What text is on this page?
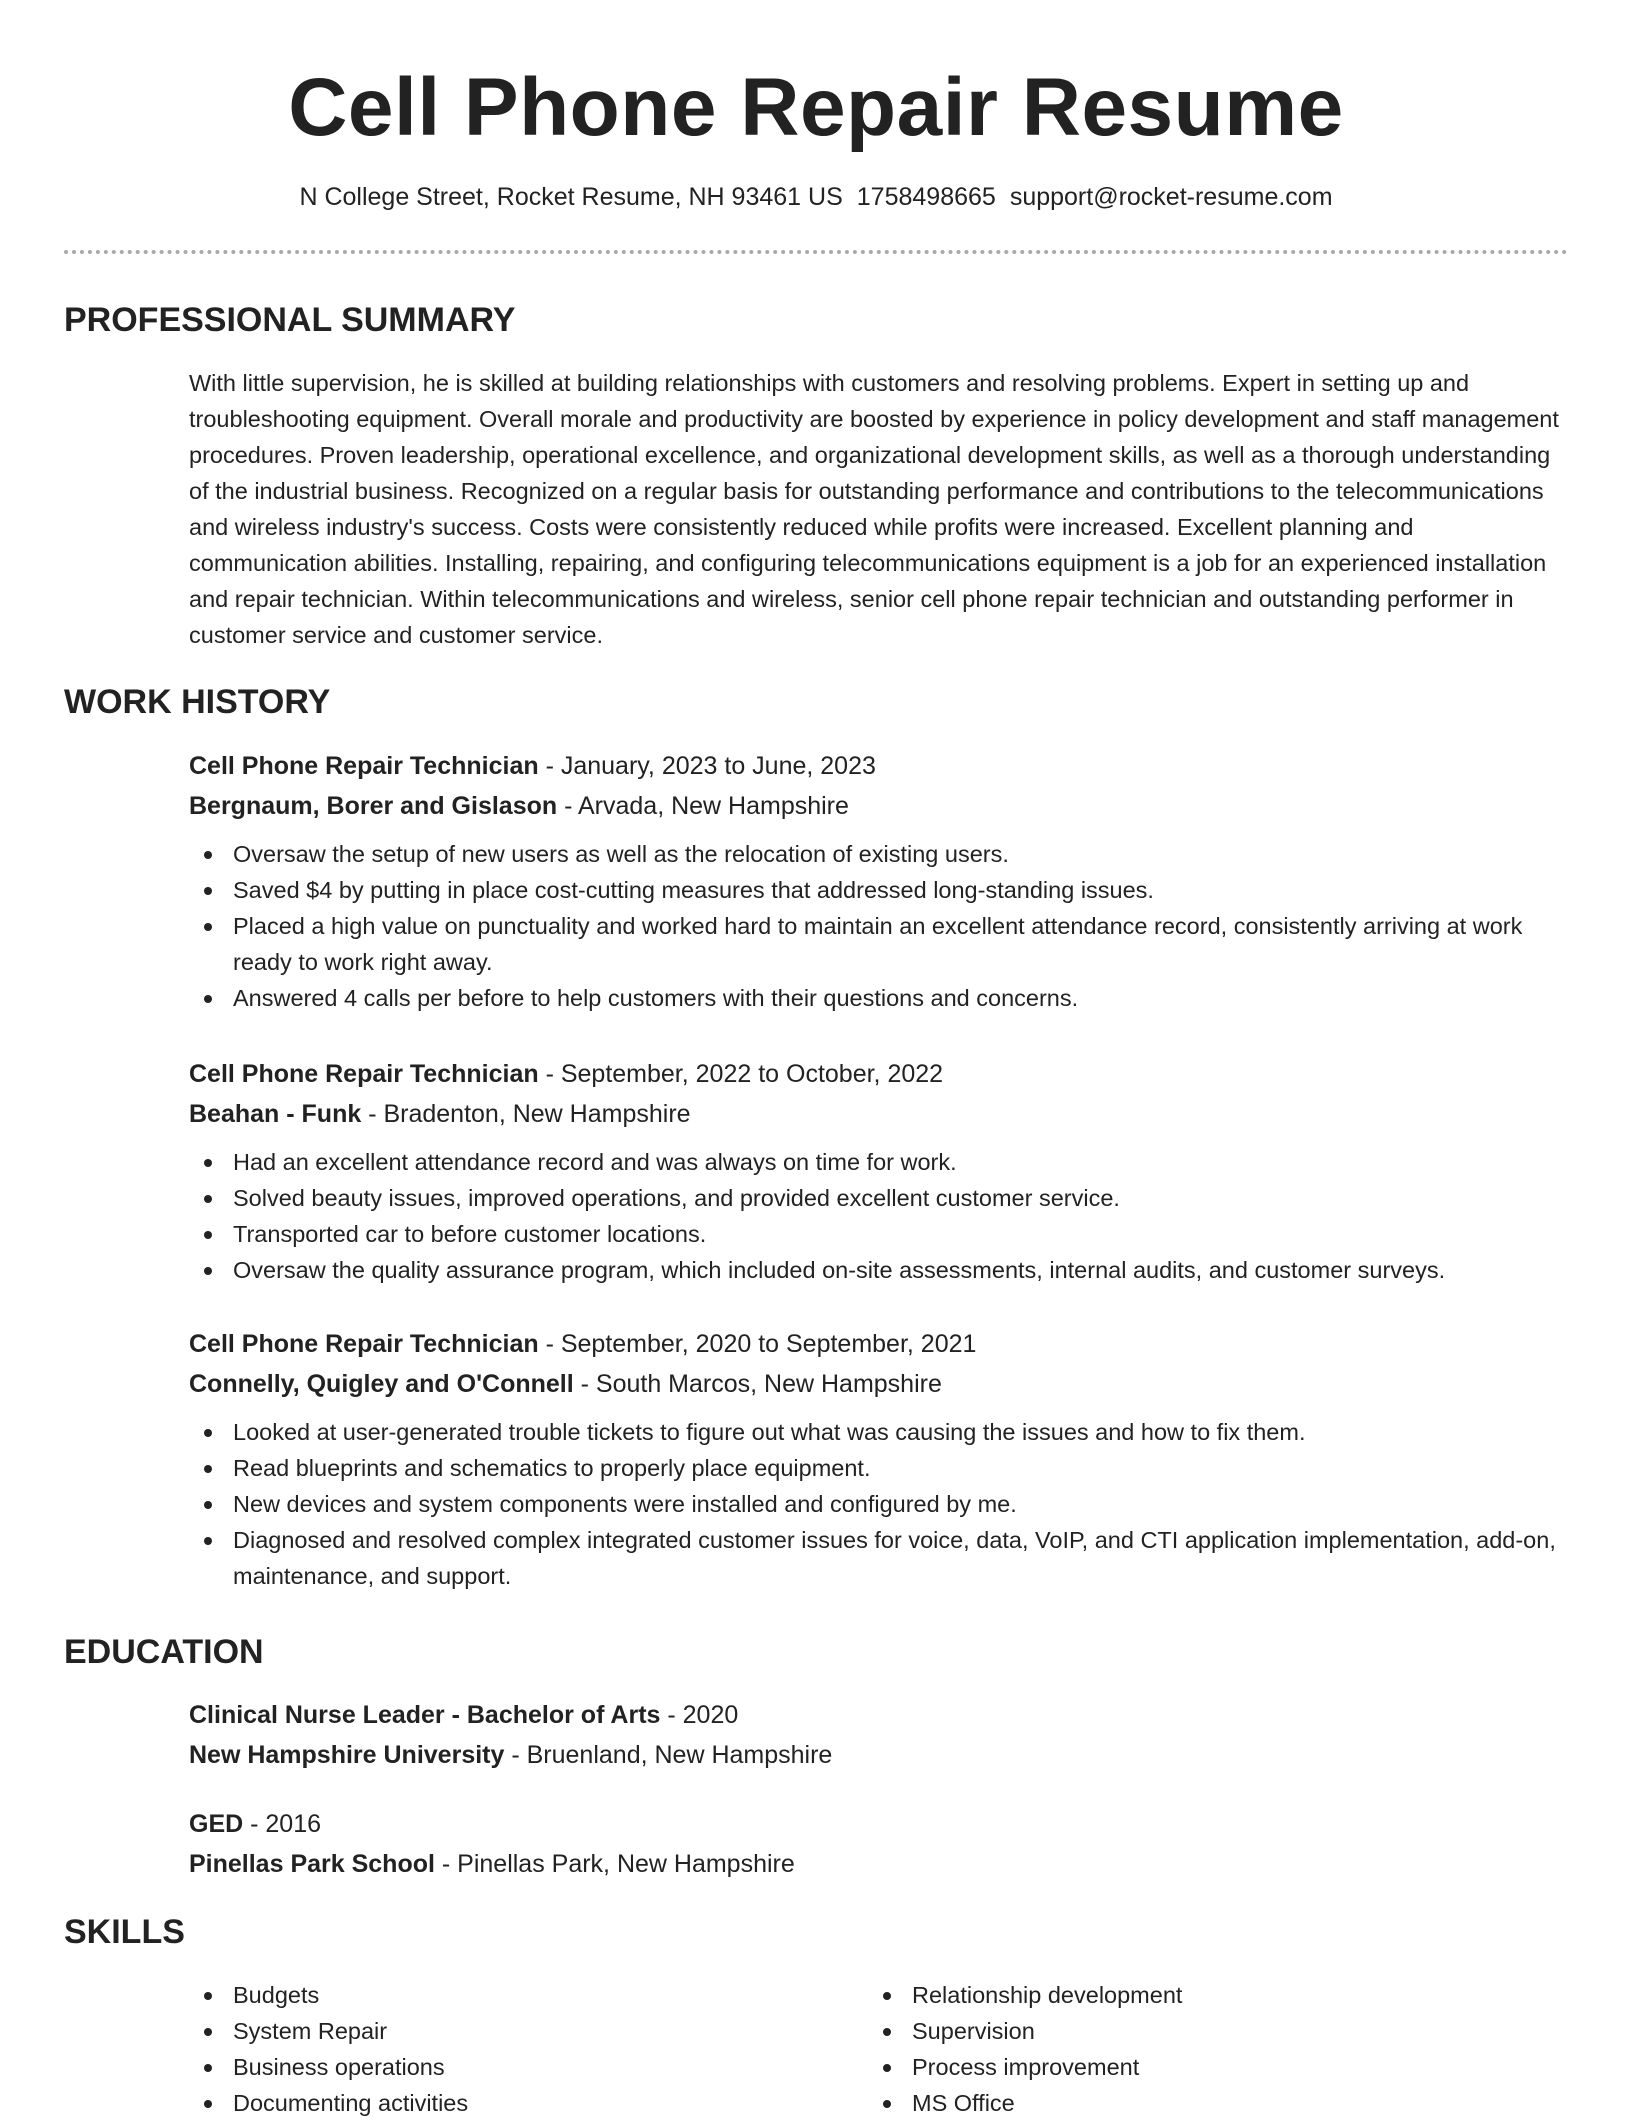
Cell Phone Repair Resume
N College Street, Rocket Resume, NH 93461 US 1758498665 support@rocket-resume.com
PROFESSIONAL SUMMARY

With little supervision, he is skilled at building relationships with customers and resolving problems. Expert in setting up and troubleshooting equipment. Overall morale and productivity are boosted by experience in policy development and staff management procedures. Proven leadership, operational excellence, and organizational development skills, as well as a thorough understanding of the industrial business. Recognized on a regular basis for outstanding performance and contributions to the telecommunications and wireless industry's success. Costs were consistently reduced while profits were increased. Excellent planning and communication abilities. Installing, repairing, and configuring telecommunications equipment is a job for an experienced installation and repair technician. Within telecommunications and wireless, senior cell phone repair technician and outstanding performer in customer service and customer service.

WORK HISTORY

Cell Phone Repair Technician - January, 2023 to June, 2023

Bergnaum, Borer and Gislason - Arvada, New Hampshire

Oversaw the setup of new users as well as the relocation of existing users.
Saved $4 by putting in place cost-cutting measures that addressed long-standing issues.
Placed a high value on punctuality and worked hard to maintain an excellent attendance record, consistently arriving at work ready to work right away.
Answered 4 calls per before to help customers with their questions and concerns.

Cell Phone Repair Technician - September, 2022 to October, 2022

Beahan - Funk - Bradenton, New Hampshire

Had an excellent attendance record and was always on time for work.
Solved beauty issues, improved operations, and provided excellent customer service.
Transported car to before customer locations.
Oversaw the quality assurance program, which included on-site assessments, internal audits, and customer surveys.

Cell Phone Repair Technician - September, 2020 to September, 2021

Connelly, Quigley and O'Connell - South Marcos, New Hampshire

Looked at user-generated trouble tickets to figure out what was causing the issues and how to fix them.
Read blueprints and schematics to properly place equipment.
New devices and system components were installed and configured by me.
Diagnosed and resolved complex integrated customer issues for voice, data, VoIP, and CTI application implementation, add-on, maintenance, and support.
EDUCATION

Clinical Nurse Leader - Bachelor of Arts - 2020

New Hampshire University - Bruenland, New Hampshire

GED - 2016

Pinellas Park School - Pinellas Park, New Hampshire

SKILLS
Budgets
System Repair
Business operations
Documenting activities
Relationship development
Supervision
Process improvement
MS Office
